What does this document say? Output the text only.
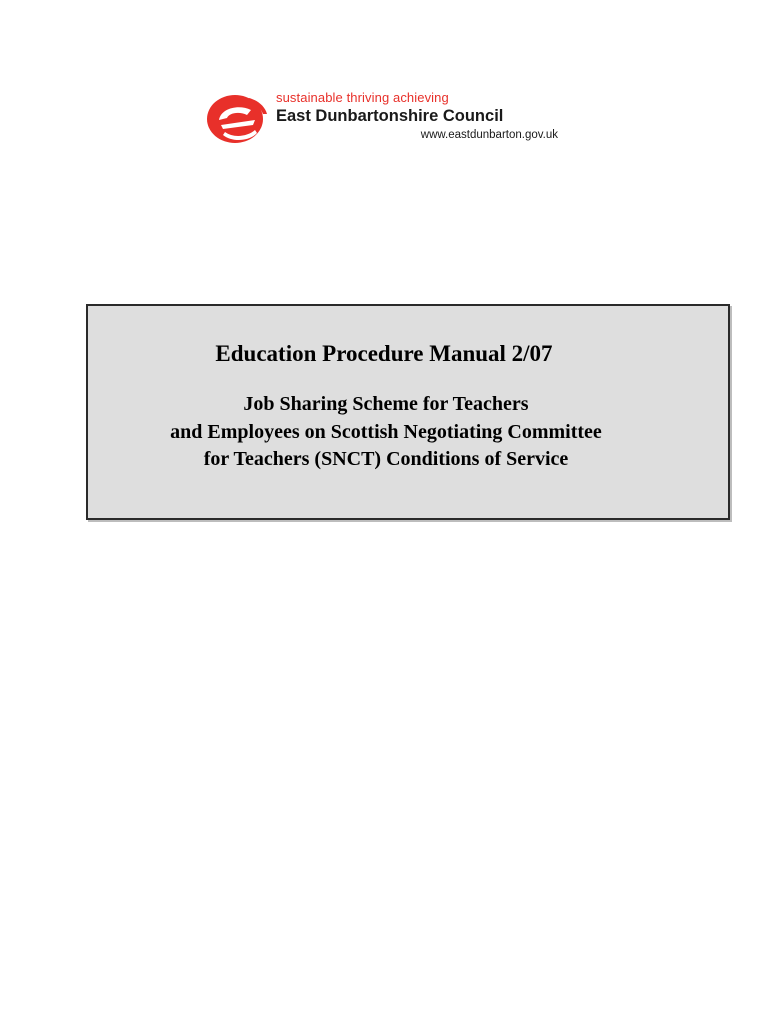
sustainable thriving achieving
East Dunbartonshire Council
www.eastdunbarton.gov.uk
Education Procedure Manual 2/07
Job Sharing Scheme for Teachers
and Employees on Scottish Negotiating Committee
for Teachers (SNCT) Conditions of Service
